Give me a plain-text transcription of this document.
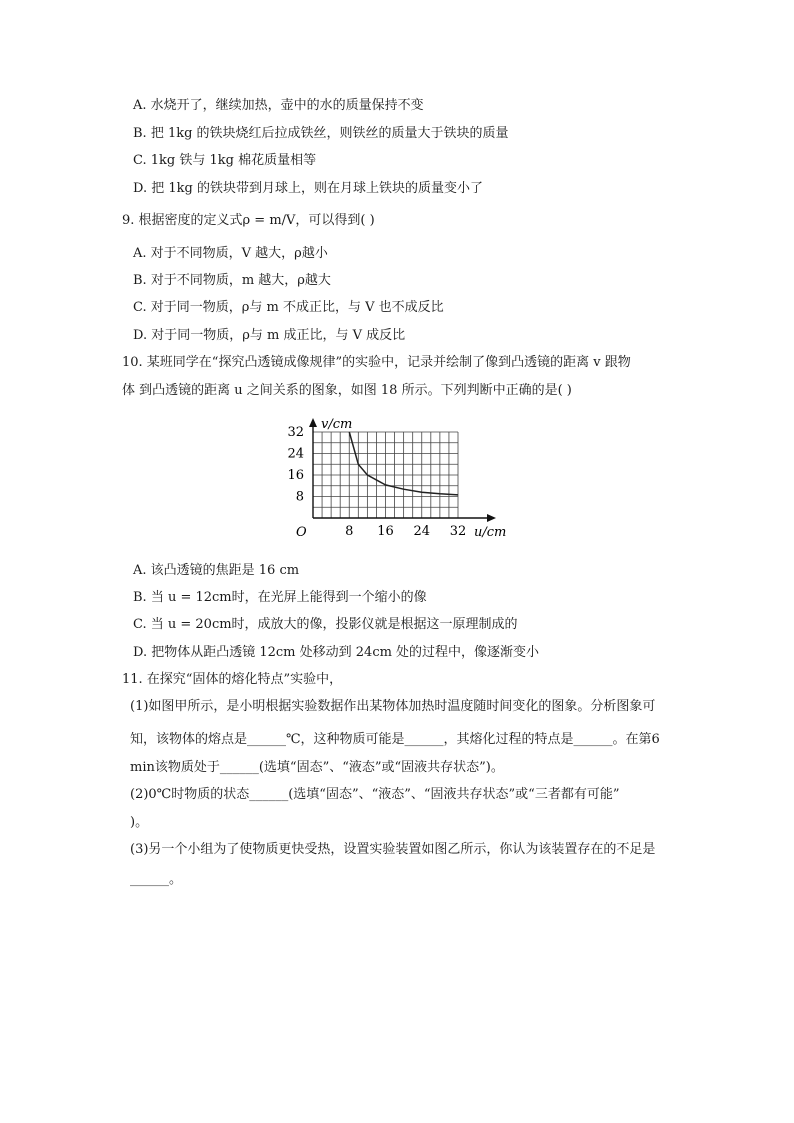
A. 水烧开了，继续加热，壶中的水的质量保持不变
B. 把 1kg 的铁块烧红后拉成铁丝，则铁丝的质量大于铁块的质量
C. 1kg 铁与 1kg 棉花质量相等
D. 把 1kg 的铁块带到月球上，则在月球上铁块的质量变小了
9. 根据密度的定义式ρ = m/V，可以得到( )
A. 对于不同物质，V 越大，ρ越小
B. 对于不同物质，m 越大，ρ越大
C. 对于同一物质，ρ与 m 不成正比，与 V 也不成反比
D. 对于同一物质，ρ与 m 成正比，与 V 成反比
10. 某班同学在“探究凸透镜成像规律”的实验中，记录并绘制了像到凸透镜的距离 v 跟物
体 到凸透镜的距离 u 之间关系的图象，如图 18 所示。下列判断中正确的是( )
8 16 24 32
32
24
16
8
v/cm
u/cm
O
A. 该凸透镜的焦距是 16 cm
B. 当 u = 12cm时，在光屏上能得到一个缩小的像
C. 当 u = 20cm时，成放大的像，投影仪就是根据这一原理制成的
D. 把物体从距凸透镜 12cm 处移动到 24cm 处的过程中，像逐渐变小
11. 在探究“固体的熔化特点”实验中，
(1)如图甲所示，是小明根据实验数据作出某物体加热时温度随时间变化的图象。分析图象可
知，该物体的熔点是______℃，这种物质可能是______，其熔化过程的特点是______。在第6
min该物质处于______(选填“固态”、“液态”或“固液共存状态”)。
(2)0℃时物质的状态______(选填“固态”、“液态”、“固液共存状态”或“三者都有可能”
)。
(3)另一个小组为了使物质更快受热，设置实验装置如图乙所示，你认为该装置存在的不足是
______。
